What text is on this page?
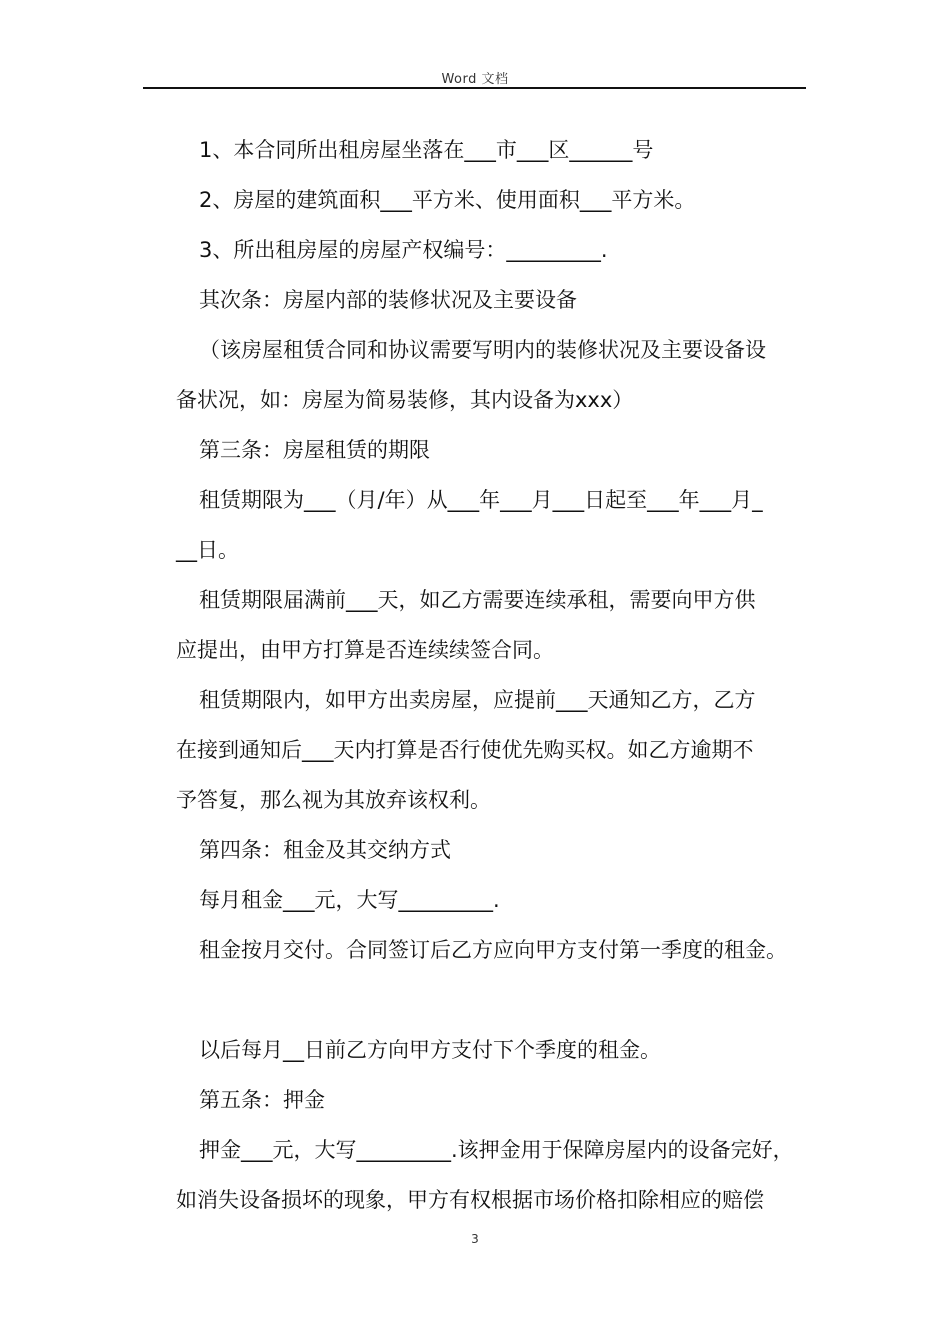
Word 文档
1、本合同所出租房屋坐落在___市___区______号
2、房屋的建筑面积___平方米、使用面积___平方米。
3、所出租房屋的房屋产权编号：_________.
其次条：房屋内部的装修状况及主要设备
（该房屋租赁合同和协议需要写明内的装修状况及主要设备设
备状况，如：房屋为简易装修，其内设备为xxx）
第三条：房屋租赁的期限
租赁期限为___（月/年）从___年___月___日起至___年___月_
__日。
租赁期限届满前___天，如乙方需要连续承租，需要向甲方供
应提出，由甲方打算是否连续续签合同。
租赁期限内，如甲方出卖房屋，应提前___天通知乙方，乙方
在接到通知后___天内打算是否行使优先购买权。如乙方逾期不
予答复，那么视为其放弃该权利。
第四条：租金及其交纳方式
每月租金___元，大写_________.
租金按月交付。合同签订后乙方应向甲方支付第一季度的租金。
以后每月__日前乙方向甲方支付下个季度的租金。
第五条：押金
押金___元，大写_________.该押金用于保障房屋内的设备完好，
如消失设备损坏的现象，甲方有权根据市场价格扣除相应的赔偿
3
